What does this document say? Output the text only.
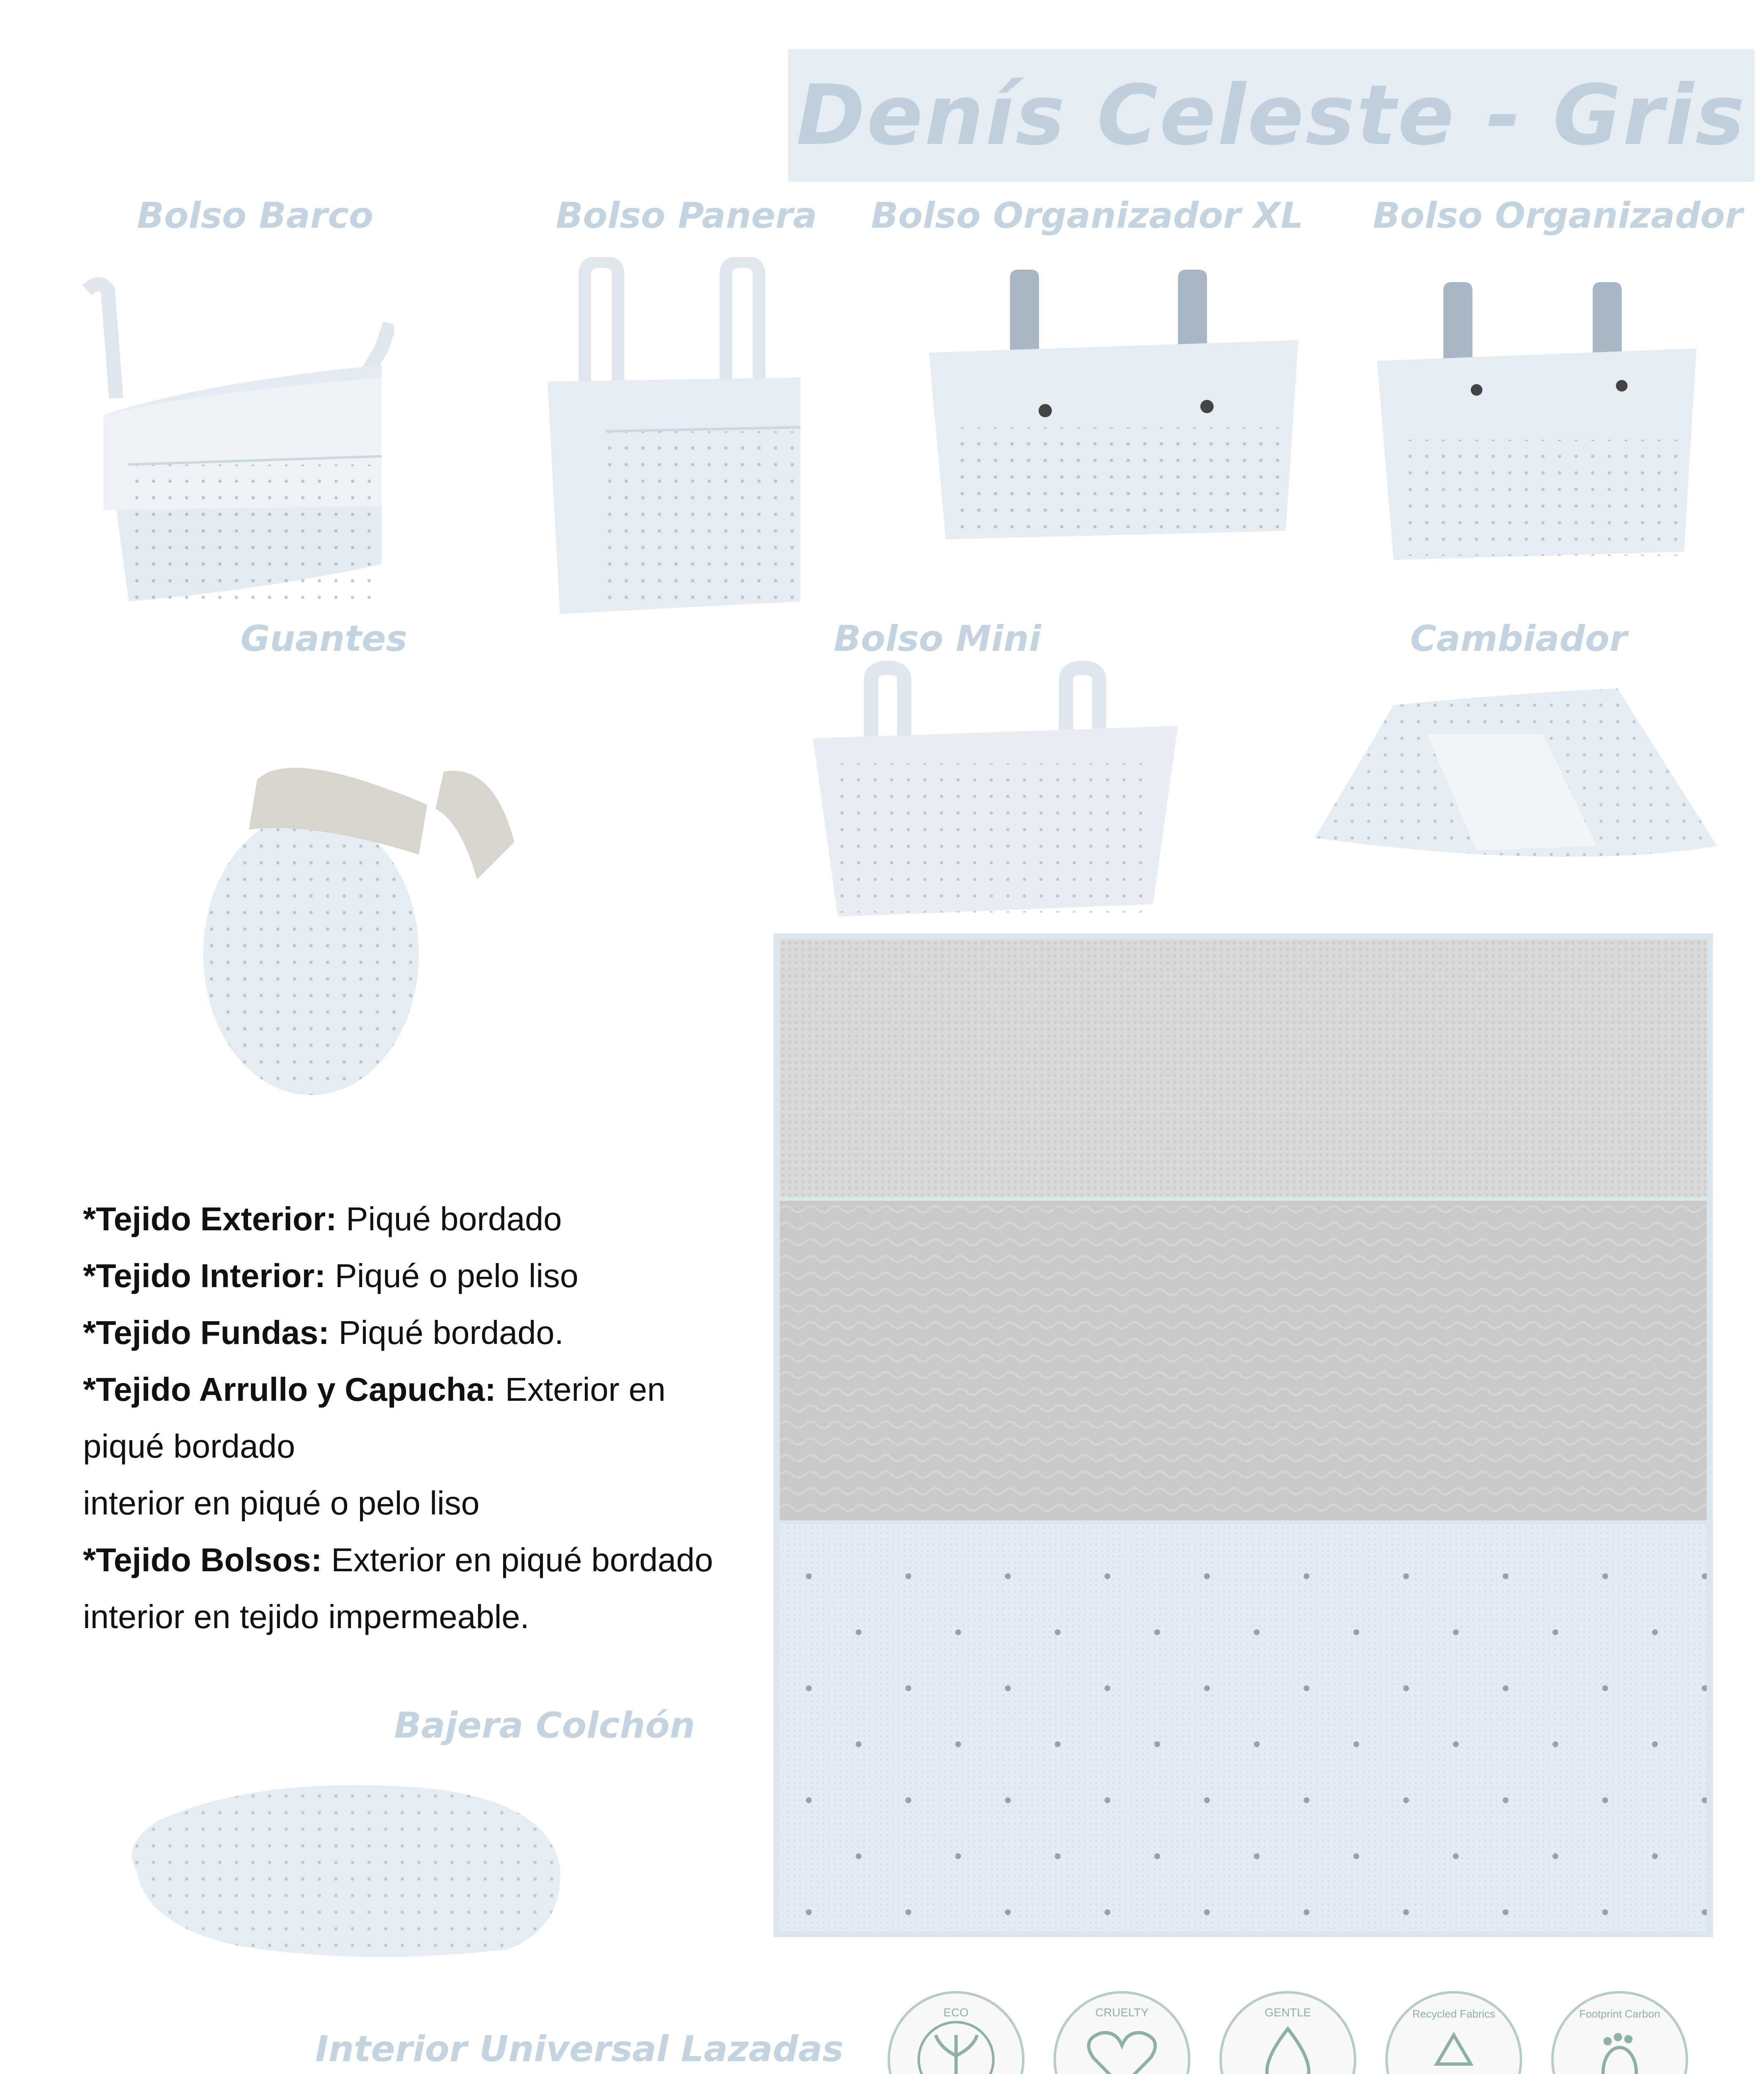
Denís Celeste - Gris
Bolso Barco	Bolso Panera Bolso Organizador XL Bolso Organizador
Guantes	Bolso Mini	Cambiador
Bajera Colchón
Interior Universal Lazadas

*Tejido Exterior: Piqué bordado

*Tejido Interior: Piqué o pelo liso

*Tejido Fundas: Piqué bordado.

*Tejido Arrullo y Capucha: Exterior en

piqué bordado

interior en piqué o pelo liso

*Tejido Bolsos: Exterior en piqué bordado

interior en tejido impermeable.

ECO	CRUELTY	GENTLE	Recycled Fabrics	Footprint Carbon
